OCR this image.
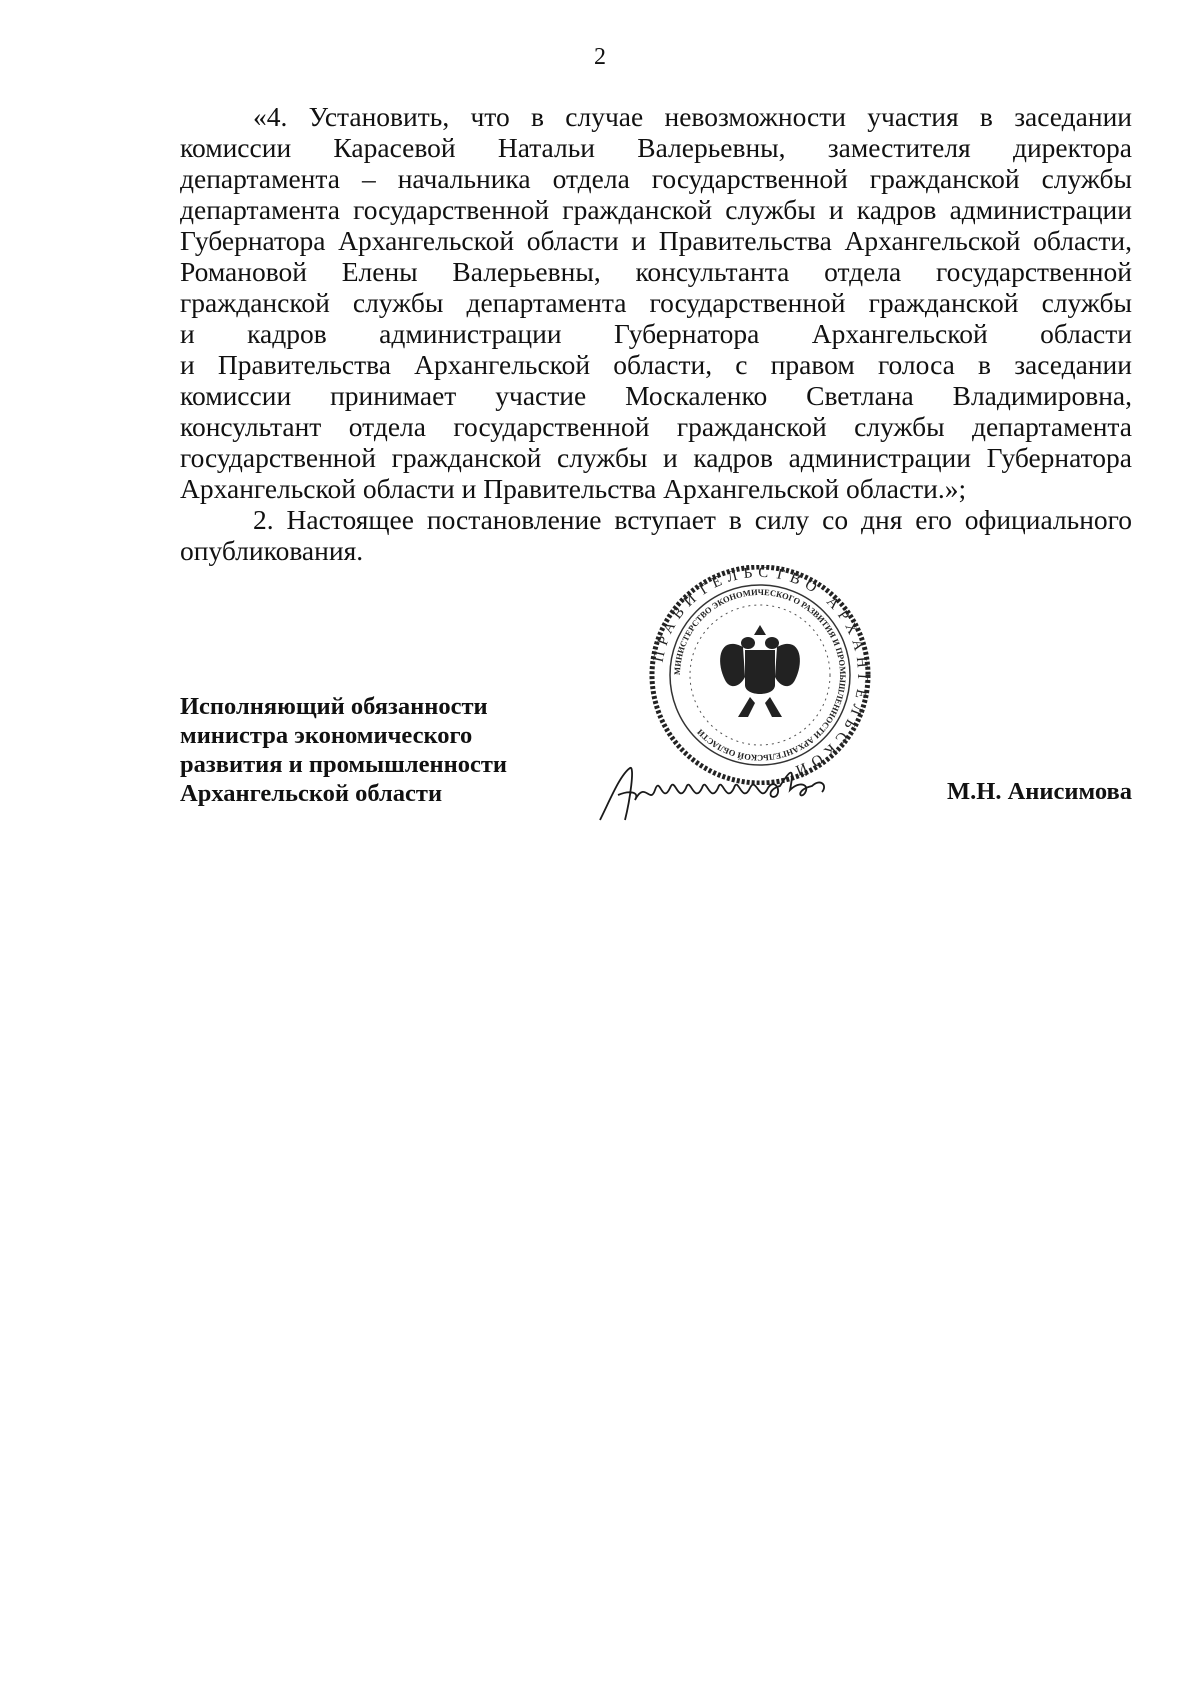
2
«4. Установить, что в случае невозможности участия в заседании
комиссии Карасевой Натальи Валерьевны, заместителя директора
департамента – начальника отдела государственной гражданской службы
департамента государственной гражданской службы и кадров администрации
Губернатора Архангельской области и Правительства Архангельской области,
Романовой Елены Валерьевны, консультанта отдела государственной
гражданской службы департамента государственной гражданской службы
и кадров администрации Губернатора Архангельской области
и Правительства Архангельской области, с правом голоса в заседании
комиссии принимает участие Москаленко Светлана Владимировна,
консультант отдела государственной гражданской службы департамента
государственной гражданской службы и кадров администрации Губернатора
Архангельской области и Правительства Архангельской области.»;
2. Настоящее постановление вступает в силу со дня его официального
опубликования.
ПРАВИТЕЛЬСТВО АРХАНГЕЛЬСКОЙ
МИНИСТЕРСТВО ЭКОНОМИЧЕСКОГО РАЗВИТИЯ И ПРОМЫШЛЕННОСТИ АРХАНГЕЛЬСКОЙ ОБЛАСТИ
Исполняющий обязанности
министра экономического
развития и промышленности
Архангельской области	М.Н. Анисимова
